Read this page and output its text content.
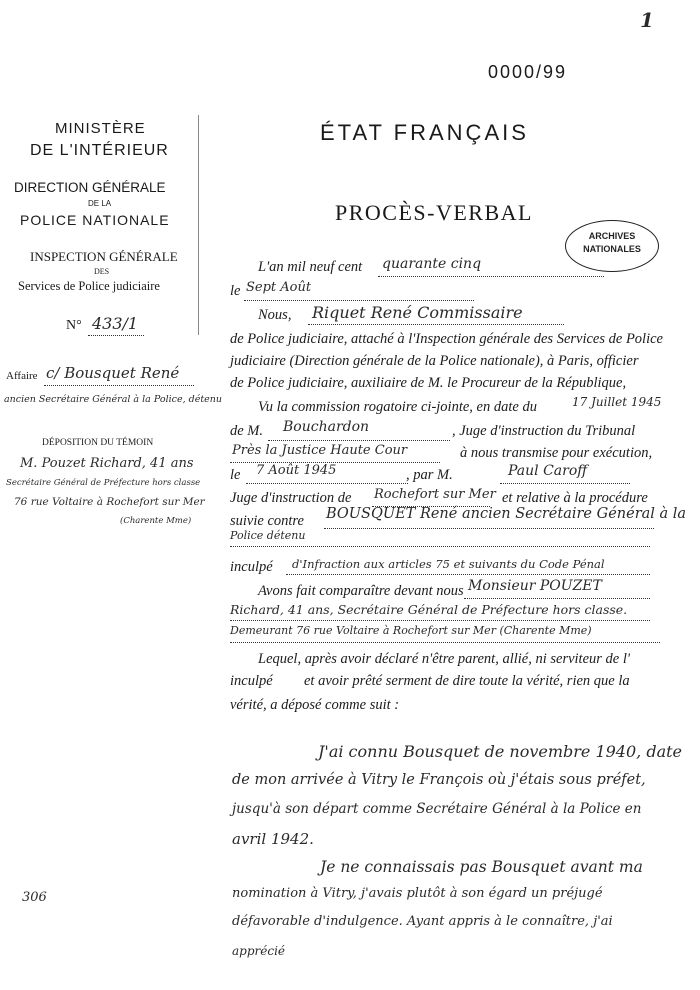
1
0000/99
306
MINISTÈRE
DE L'INTÉRIEUR
DIRECTION GÉNÉRALE
DE LA
POLICE NATIONALE
INSPECTION GÉNÉRALE
DES
Services de Police judiciaire
N° 433/1
Affaire c/ Bousquet René
ancien Secrétaire Général à la Police, détenu
DÉPOSITION DU TÉMOIN
M. Pouzet Richard, 41 ans
Secrétaire Général de Préfecture hors classe
76 rue Voltaire à Rochefort sur Mer
(Charente Mme)
ÉTAT FRANÇAIS
PROCÈS-VERBAL
ARCHIVES
NATIONALES
L'an mil neuf cent quarante cinq
le Sept Août
Nous, Riquet René Commissaire
de Police judiciaire, attaché à l'Inspection générale des Services de Police
judiciaire (Direction générale de la Police nationale), à Paris, officier
de Police judiciaire, auxiliaire de M. le Procureur de la République,
Vu la commission rogatoire ci-jointe, en date du	17 Juillet 1945
de M. Bouchardon	, Juge d'instruction du Tribunal
Près la Justice Haute Cour	à nous transmise pour exécution,
le 7 Août 1945	, par M.	Paul Caroff
Juge d'instruction de Rochefort sur Mer et relative à la procédure
suivie contre BOUSQUET René ancien Secrétaire Général à la
Police détenu
inculpé d'Infraction aux articles 75 et suivants du Code Pénal
Avons fait comparaître devant nous Monsieur POUZET
Richard, 41 ans, Secrétaire Général de Préfecture hors classe.
Demeurant 76 rue Voltaire à Rochefort sur Mer (Charente Mme)
Lequel, après avoir déclaré n'être parent, allié, ni serviteur de l'
inculpé et avoir prêté serment de dire toute la vérité, rien que la
vérité, a déposé comme suit :
J'ai connu Bousquet de novembre 1940, date
de mon arrivée à Vitry le François où j'étais sous préfet,
jusqu'à son départ comme Secrétaire Général à la Police en
avril 1942.
Je ne connaissais pas Bousquet avant ma
nomination à Vitry, j'avais plutôt à son égard un préjugé
défavorable d'indulgence. Ayant appris à le connaître, j'ai
apprécié
